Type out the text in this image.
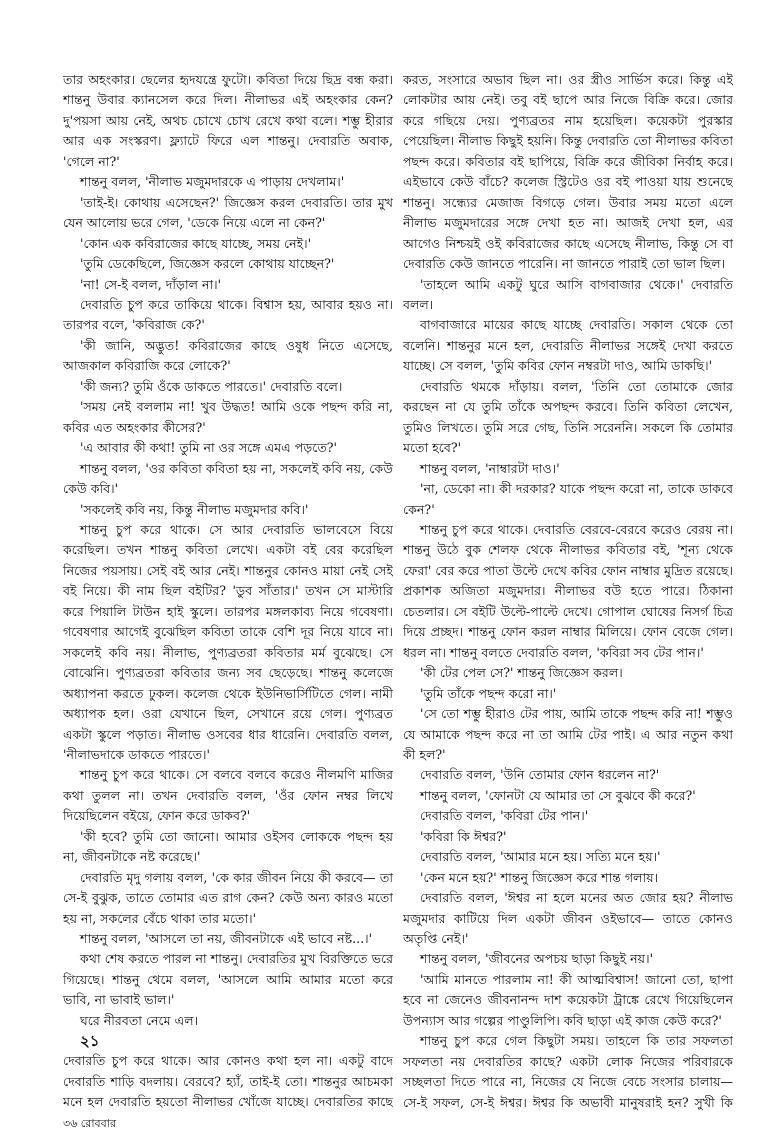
তার অহংকার। ছেলের হৃদযন্ত্রে ফুটো। কবিতা দিয়ে ছিদ্র বন্ধ করা। শান্তনু উবার ক্যানসেল করে দিল। নীলাভর এই অহংকার কেন? দু'পয়সা আয় নেই, অথচ চোখে চোখ রেখে কথা বলে। শম্ভু হীরার আর এক সংস্করণ। ফ্ল্যাটে ফিরে এল শান্তনু। দেবারতি অবাক, 'গেলে না?'

শান্তনু বলল, 'নীলাভ মজুমদারকে এ পাড়ায় দেখলাম।'

'তাই-ই। কোথায় এসেছেন?' জিজ্ঞেস করল দেবারতি। তার মুখ যেন আলোয় ভরে গেল, 'ডেকে নিয়ে এলে না কেন?'

'কোন এক কবিরাজের কাছে যাচ্ছে, সময় নেই।'

'তুমি ডেকেছিলে, জিজ্ঞেস করলে কোথায় যাচ্ছেন?'

'না! সে-ই বলল, দাঁড়াল না।'

দেবারতি চুপ করে তাকিয়ে থাকে। বিশ্বাস হয়, আবার হয়ও না। তারপর বলে, 'কবিরাজ কে?'

'কী জানি, অদ্ভুত! কবিরাজের কাছে ওষুধ নিতে এসেছে, আজকাল কবিরাজি করে লোকে?'

'কী জন্য? তুমি ওঁকে ডাকতে পারতে।' দেবারতি বলে।

'সময় নেই বললাম না! খুব উদ্ধত! আমি ওকে পছন্দ করি না, কবির এত অহংকার কীসের?'

'এ আবার কী কথা! তুমি না ওর সঙ্গে এমএ পড়তে?'

শান্তনু বলল, 'ওর কবিতা কবিতা হয় না, সকলেই কবি নয়, কেউ কেউ কবি।'

'সকলেই কবি নয়, কিন্তু নীলাভ মজুমদার কবি।'

শান্তনু চুপ করে থাকে। সে আর দেবারতি ভালবেসে বিয়ে করেছিল। তখন শান্তনু কবিতা লেখে। একটা বই বের করেছিল নিজের পয়সায়। সেই বই আর নেই। শান্তনুর কোনও মায়া নেই সেই বই নিয়ে। কী নাম ছিল বইটির? 'ডুব সাঁতার।' তখন সে মাস্টারি করে পিয়ালি টাউন হাই স্কুলে। তারপর মঙ্গলকাব্য নিয়ে গবেষণা। গবেষণার আগেই বুঝেছিল কবিতা তাকে বেশি দূর নিয়ে যাবে না। সকলেই কবি নয়। নীলাভ, পুণ্যব্রতরা কবিতার মর্ম বুঝেছে। সে বোঝেনি। পুণ্যব্রতরা কবিতার জন্য সব ছেড়েছে। শান্তনু কলেজে অধ্যাপনা করতে ঢুকল। কলেজ থেকে ইউনিভার্সিটিতে গেল। নামী অধ্যাপক হল। ওরা যেখানে ছিল, সেখানে রয়ে গেল। পুণ্যব্রত একটা স্কুলে পড়াত। নীলাভ ওসবের ধার ধারেনি। দেবারতি বলল, 'নীলাভদাকে ডাকতে পারতে।'

শান্তনু চুপ করে থাকে। সে বলবে বলবে করেও নীলমণি মাজির কথা তুলল না। তখন দেবারতি বলল, 'ওঁর ফোন নম্বর লিখে দিয়েছিলেন বইয়ে, ফোন করে ডাকব?'

'কী হবে? তুমি তো জানো। আমার ওইসব লোককে পছন্দ হয় না, জীবনটাকে নষ্ট করেছে।'

দেবারতি মৃদু গলায় বলল, 'কে কার জীবন নিয়ে কী করবে— তা সে-ই বুঝুক, তাতে তোমার এত রাগ কেন? কেউ অন্য কারও মতো হয় না, সকলের বেঁচে থাকা তার মতো।'

শান্তনু বলল, 'আসলে তা নয়, জীবনটাকে এই ভাবে নষ্ট...।'

কথা শেষ করতে পারল না শান্তনু। দেবারতির মুখ বিরক্তিতে ভরে গিয়েছে। শান্তনু থেমে বলল, 'আসলে আমি আমার মতো করে ভাবি, না ভাবাই ভাল।'

ঘরে নীরবতা নেমে এল।

২১

দেবারতি চুপ করে থাকে। আর কোনও কথা হল না। একটু বাদে দেবারতি শাড়ি বদলায়। বেরবে? হ্যাঁ, তাই-ই তো। শান্তনুর আচমকা মনে হল দেবারতি হয়তো নীলাভর খোঁজে যাচ্ছে। দেবারতির কাছে

করত, সংসারে অভাব ছিল না। ওর স্ত্রীও সার্ভিস করে। কিন্তু এই লোকটার আয় নেই। তবু বই ছাপে আর নিজে বিক্রি করে। জোর করে গছিয়ে দেয়। পুণ্যব্রতর নাম হয়েছিল। কয়েকটা পুরস্কার পেয়েছিল। নীলাভ কিছুই হয়নি। কিন্তু দেবারতি তো নীলাভর কবিতা পছন্দ করে। কবিতার বই ছাপিয়ে, বিক্রি করে জীবিকা নির্বাহ করে। এইভাবে কেউ বাঁচে? কলেজ স্ট্রিটেও ওর বই পাওয়া যায় শুনেছে শান্তনু। সন্ধ্যের মেজাজ বিগড়ে গেল। উবার সময় মতো এলে নীলাভ মজুমদারের সঙ্গে দেখা হত না। আজই দেখা হল, এর আগেও নিশ্চয়ই ওই কবিরাজের কাছে এসেছে নীলাভ, কিন্তু সে বা দেবারতি কেউ জানতে পারেনি। না জানতে পারাই তো ভাল ছিল।

'তাহলে আমি একটু ঘুরে আসি বাগবাজার থেকে।' দেবারতি বলল।

বাগবাজারে মায়ের কাছে যাচ্ছে দেবারতি। সকাল থেকে তো বলেনি। শান্তনুর মনে হল, দেবারতি নীলাভর সঙ্গেই দেখা করতে যাচ্ছে। সে বলল, 'তুমি কবির ফোন নম্বরটা দাও, আমি ডাকছি।'

দেবারতি থমকে দাঁড়ায়। বলল, 'তিনি তো তোমাকে জোর করছেন না যে তুমি তাঁকে অপছন্দ করবে। তিনি কবিতা লেখেন, তুমিও লিখতে। তুমি সরে গেছ, তিনি সরেননি। সকলে কি তোমার মতো হবে?'

শান্তনু বলল, 'নাম্বারটা দাও।'

'না, ডেকো না। কী দরকার? যাকে পছন্দ করো না, তাকে ডাকবে কেন?'

শান্তনু চুপ করে থাকে। দেবারতি বেরবে-বেরবে করেও বেরয় না। শান্তনু উঠে বুক শেলফ থেকে নীলাভর কবিতার বই, 'শূন্য থেকে ফেরা' বের করে পাতা উল্টে দেখে কবির ফোন নাম্বার মুদ্রিত রয়েছে। প্রকাশক অজিতা মজুমদার। নীলাভর বউ হতে পারে। ঠিকানা চেতলার। সে বইটি উল্টে-পাল্টে দেখে। গোপাল ঘোষের নিসর্গ চিত্র দিয়ে প্রচ্ছদ। শান্তনু ফোন করল নাম্বার মিলিয়ে। ফোন বেজে গেল। ধরল না। শান্তনু বলতে দেবারতি বলল, 'কবিরা সব টের পান।'

'কী টের পেল সে?' শান্তনু জিজ্ঞেস করল।

'তুমি তাঁকে পছন্দ করো না।'

'সে তো শম্ভু হীরাও টের পায়, আমি তাকে পছন্দ করি না! শম্ভুও যে আমাকে পছন্দ করে না তা আমি টের পাই। এ আর নতুন কথা কী হল?'

দেবারতি বলল, 'উনি তোমার ফোন ধরলেন না?'

শান্তনু বলল, 'ফোনটা যে আমার তা সে বুঝবে কী করে?'

দেবারতি বলল, 'কবিরা টের পান।'

'কবিরা কি ঈশ্বর?'

দেবারতি বলল, 'আমার মনে হয়। সত্যি মনে হয়।'

'কেন মনে হয়?' শান্তনু জিজ্ঞেস করে শান্ত গলায়।

দেবারতি বলল, 'ঈশ্বর না হলে মনের অত জোর হয়? নীলাভ মজুমদার কাটিয়ে দিল একটা জীবন ওইভাবে— তাতে কোনও অতৃপ্তি নেই।'

শান্তনু বলল, 'জীবনের অপচয় ছাড়া কিছুই নয়।'

'আমি মানতে পারলাম না! কী আত্মবিশ্বাস! জানো তো, ছাপা হবে না জেনেও জীবনানন্দ দাশ কয়েকটা ট্রাঙ্কে রেখে গিয়েছিলেন উপন্যাস আর গল্পের পাণ্ডুলিপি। কবি ছাড়া এই কাজ কেউ করে?'

শান্তনু চুপ করে গেল কিছুটা সময়। তাহলে কি তার সফলতা সফলতা নয় দেবারতির কাছে? একটা লোক নিজের পরিবারকে সচ্ছলতা দিতে পারে না, নিজের যে নিজে বেচে সংসার চালায়— সে-ই সফল, সে-ই ঈশ্বর। ঈশ্বর কি অভাবী মানুষরাই হন? সুখী কি

৩৬ রোববার
